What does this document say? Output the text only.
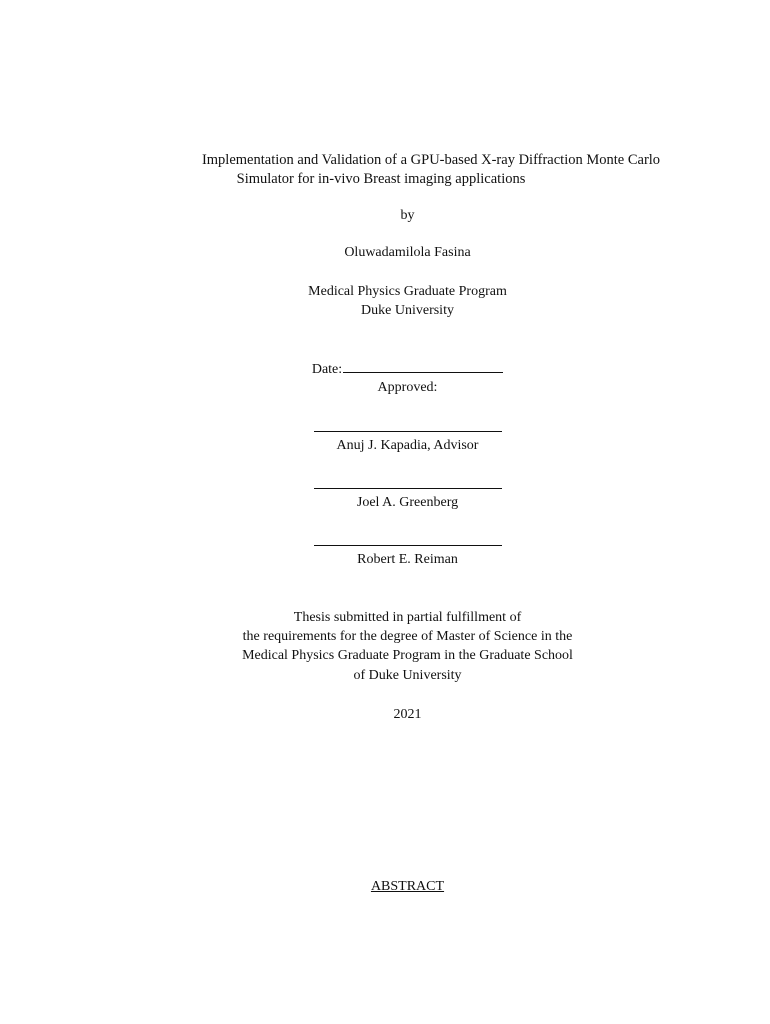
Implementation and Validation of a GPU-based X-ray Diffraction Monte Carlo
Simulator for in-vivo Breast imaging applications
by
Oluwadamilola Fasina
Medical Physics Graduate Program
Duke University
Date:
Approved:
Anuj J. Kapadia, Advisor
Joel A. Greenberg
Robert E. Reiman
Thesis submitted in partial fulfillment of
the requirements for the degree of Master of Science in the
Medical Physics Graduate Program in the Graduate School
of Duke University
2021
ABSTRACT
